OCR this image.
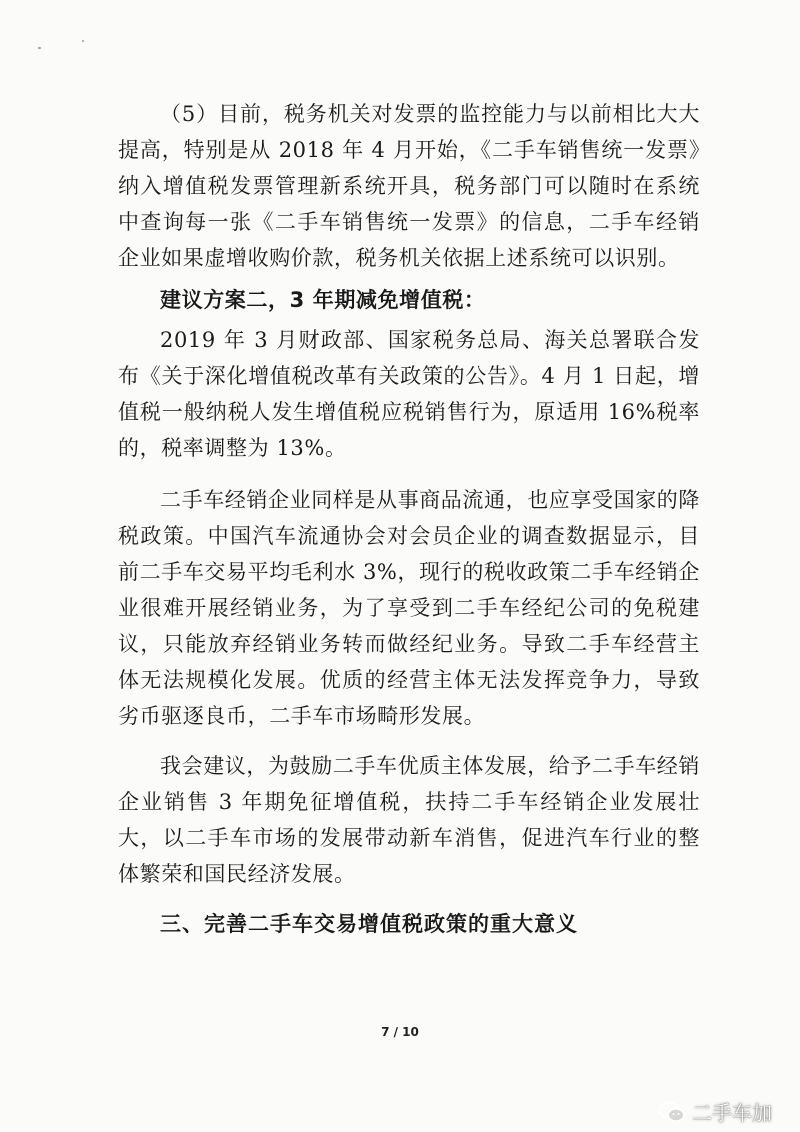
（5）目前，税务机关对发票的监控能力与以前相比大大提高，特别是从 2018 年 4 月开始，《二手车销售统一发票》纳入增值税发票管理新系统开具，税务部门可以随时在系统中查询每一张《二手车销售统一发票》的信息，二手车经销企业如果虚增收购价款，税务机关依据上述系统可以识别。

建议方案二，3 年期减免增值税：

2019 年 3 月财政部、国家税务总局、海关总署联合发布《关于深化增值税改革有关政策的公告》。4 月 1 日起，增值税一般纳税人发生增值税应税销售行为，原适用 16%税率的，税率调整为 13%。

二手车经销企业同样是从事商品流通，也应享受国家的降税政策。中国汽车流通协会对会员企业的调查数据显示，目前二手车交易平均毛利水 3%，现行的税收政策二手车经销企业很难开展经销业务，为了享受到二手车经纪公司的免税建议，只能放弃经销业务转而做经纪业务。导致二手车经营主体无法规模化发展。优质的经营主体无法发挥竞争力，导致劣币驱逐良币，二手车市场畸形发展。

我会建议，为鼓励二手车优质主体发展，给予二手车经销企业销售 3 年期免征增值税，扶持二手车经销企业发展壮大，以二手车市场的发展带动新车消售，促进汽车行业的整体繁荣和国民经济发展。

三、完善二手车交易增值税政策的重大意义

7 / 10
二手车加
